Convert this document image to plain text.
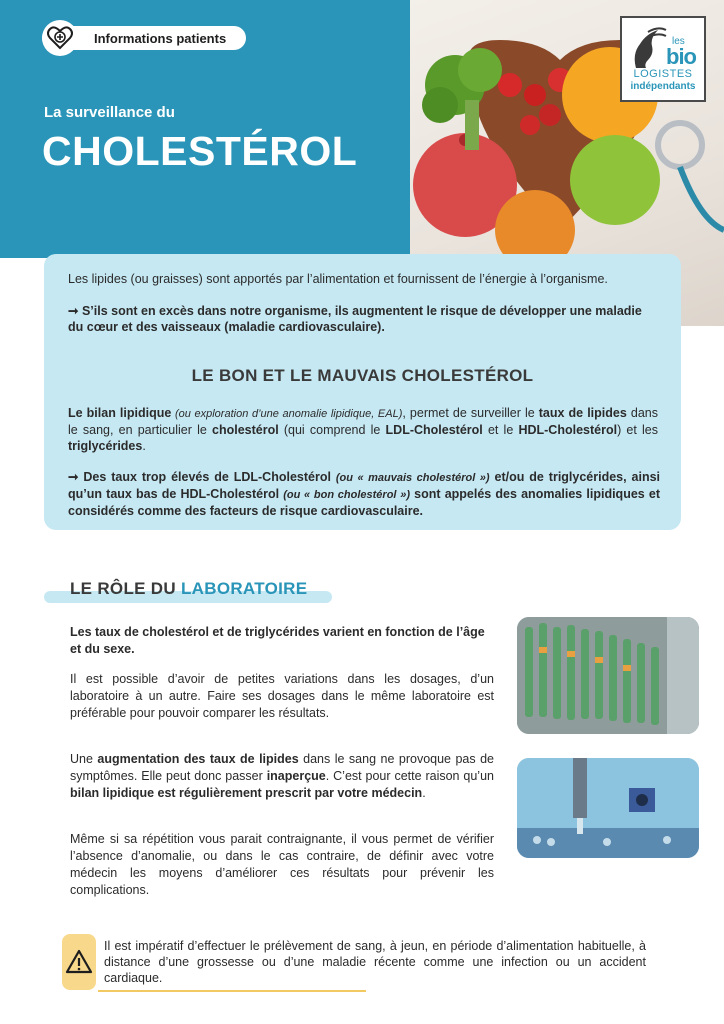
les
bio
LOGISTES
indépendants
Informations patients
La surveillance du
CHOLESTÉROL
Les lipides (ou graisses) sont apportés par l’alimentation et fournissent de l’énergie à l’organisme.
➞ S’ils sont en excès dans notre organisme, ils augmentent le risque de développer une maladie du cœur et des vaisseaux (maladie cardiovasculaire).
LE BON ET LE MAUVAIS CHOLESTÉROL
Le bilan lipidique (ou exploration d’une anomalie lipidique, EAL), permet de surveiller le taux de lipides dans le sang, en particulier le cholestérol (qui comprend le LDL-Cholestérol et le HDL-Cholestérol) et les triglycérides.
➞ Des taux trop élevés de LDL-Cholestérol (ou « mauvais cholestérol ») et/ou de triglycérides, ainsi qu’un taux bas de HDL-Cholestérol (ou « bon cholestérol ») sont appelés des anomalies lipidiques et considérés comme des facteurs de risque cardiovasculaire.
LE RÔLE DU LABORATOIRE
Les taux de cholestérol et de triglycérides varient en fonction de l’âge et du sexe.
Il est possible d’avoir de petites variations dans les dosages, d’un laboratoire à un autre. Faire ses dosages dans le même laboratoire est préférable pour pouvoir comparer les résultats.
Une augmentation des taux de lipides dans le sang ne provoque pas de symptômes. Elle peut donc passer inaperçue. C’est pour cette raison qu’un bilan lipidique est régulièrement prescrit par votre médecin.
Même si sa répétition vous parait contraignante, il vous permet de vérifier l’absence d’anomalie, ou dans le cas contraire, de définir avec votre médecin les moyens d’améliorer ces résultats pour prévenir les complications.
Il est impératif d’effectuer le prélèvement de sang, à jeun, en période d’alimentation habituelle, à distance d’une grossesse ou d’une maladie récente comme une infection ou un accident cardiaque.
